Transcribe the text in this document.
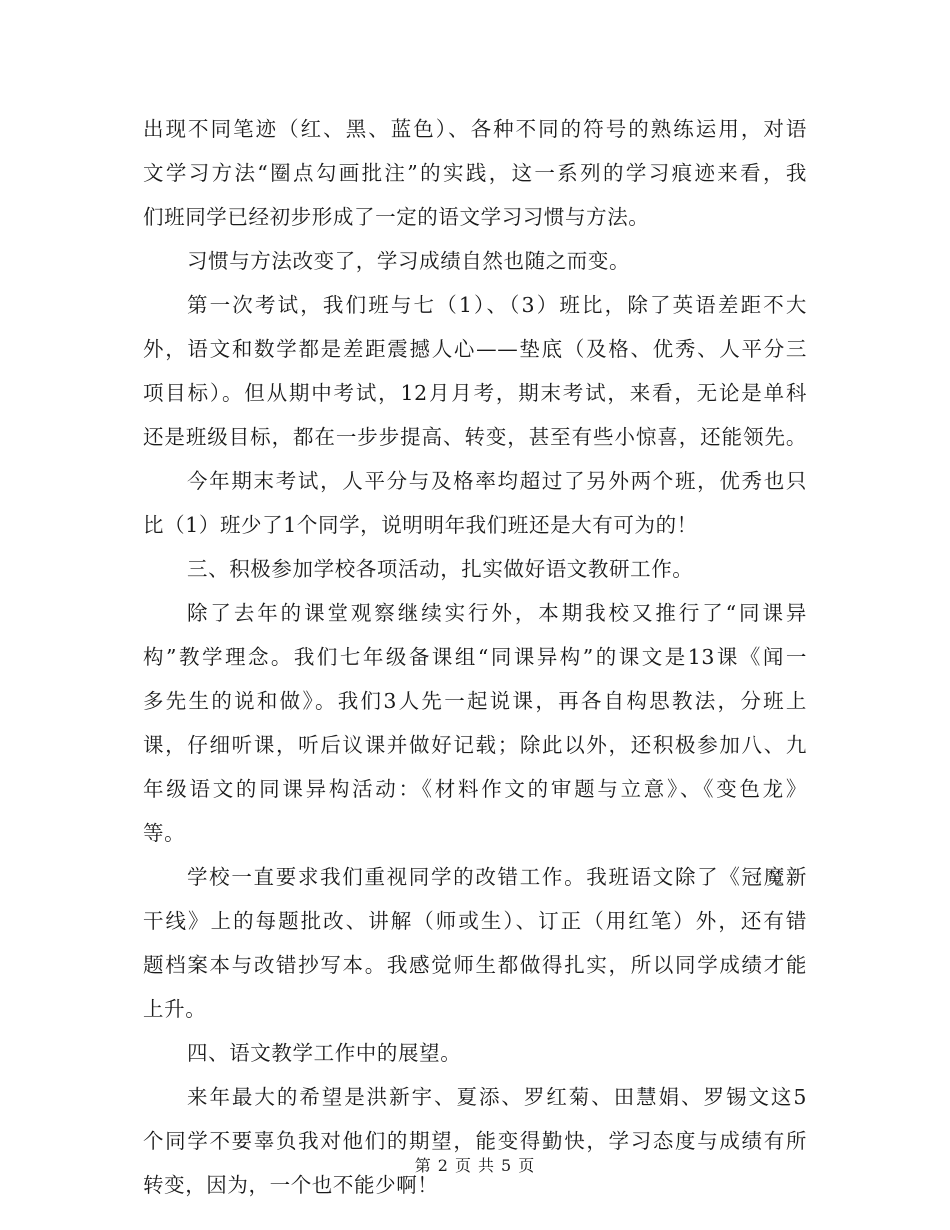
出现不同笔迹（红、黑、蓝色）、各种不同的符号的熟练运用，对语
文学习方法“圈点勾画批注”的实践，这一系列的学习痕迹来看，我
们班同学已经初步形成了一定的语文学习习惯与方法。
习惯与方法改变了，学习成绩自然也随之而变。
第一次考试，我们班与七（1）、（3）班比，除了英语差距不大
外，语文和数学都是差距震撼人心——垫底（及格、优秀、人平分三
项目标）。但从期中考试，12月月考，期末考试，来看，无论是单科
还是班级目标，都在一步步提高、转变，甚至有些小惊喜，还能领先。
今年期末考试，人平分与及格率均超过了另外两个班，优秀也只
比（1）班少了1个同学，说明明年我们班还是大有可为的！
三、积极参加学校各项活动，扎实做好语文教研工作。
除了去年的课堂观察继续实行外，本期我校又推行了“同课异
构”教学理念。我们七年级备课组“同课异构”的课文是13课《闻一
多先生的说和做》。我们3人先一起说课，再各自构思教法，分班上
课，仔细听课，听后议课并做好记载；除此以外，还积极参加八、九
年级语文的同课异构活动：《材料作文的审题与立意》、《变色龙》
等。
学校一直要求我们重视同学的改错工作。我班语文除了《冠魔新
干线》上的每题批改、讲解（师或生）、订正（用红笔）外，还有错
题档案本与改错抄写本。我感觉师生都做得扎实，所以同学成绩才能
上升。
四、语文教学工作中的展望。
来年最大的希望是洪新宇、夏添、罗红菊、田慧娟、罗锡文这5
个同学不要辜负我对他们的期望，能变得勤快，学习态度与成绩有所
转变，因为，一个也不能少啊！
第 2 页 共 5 页
